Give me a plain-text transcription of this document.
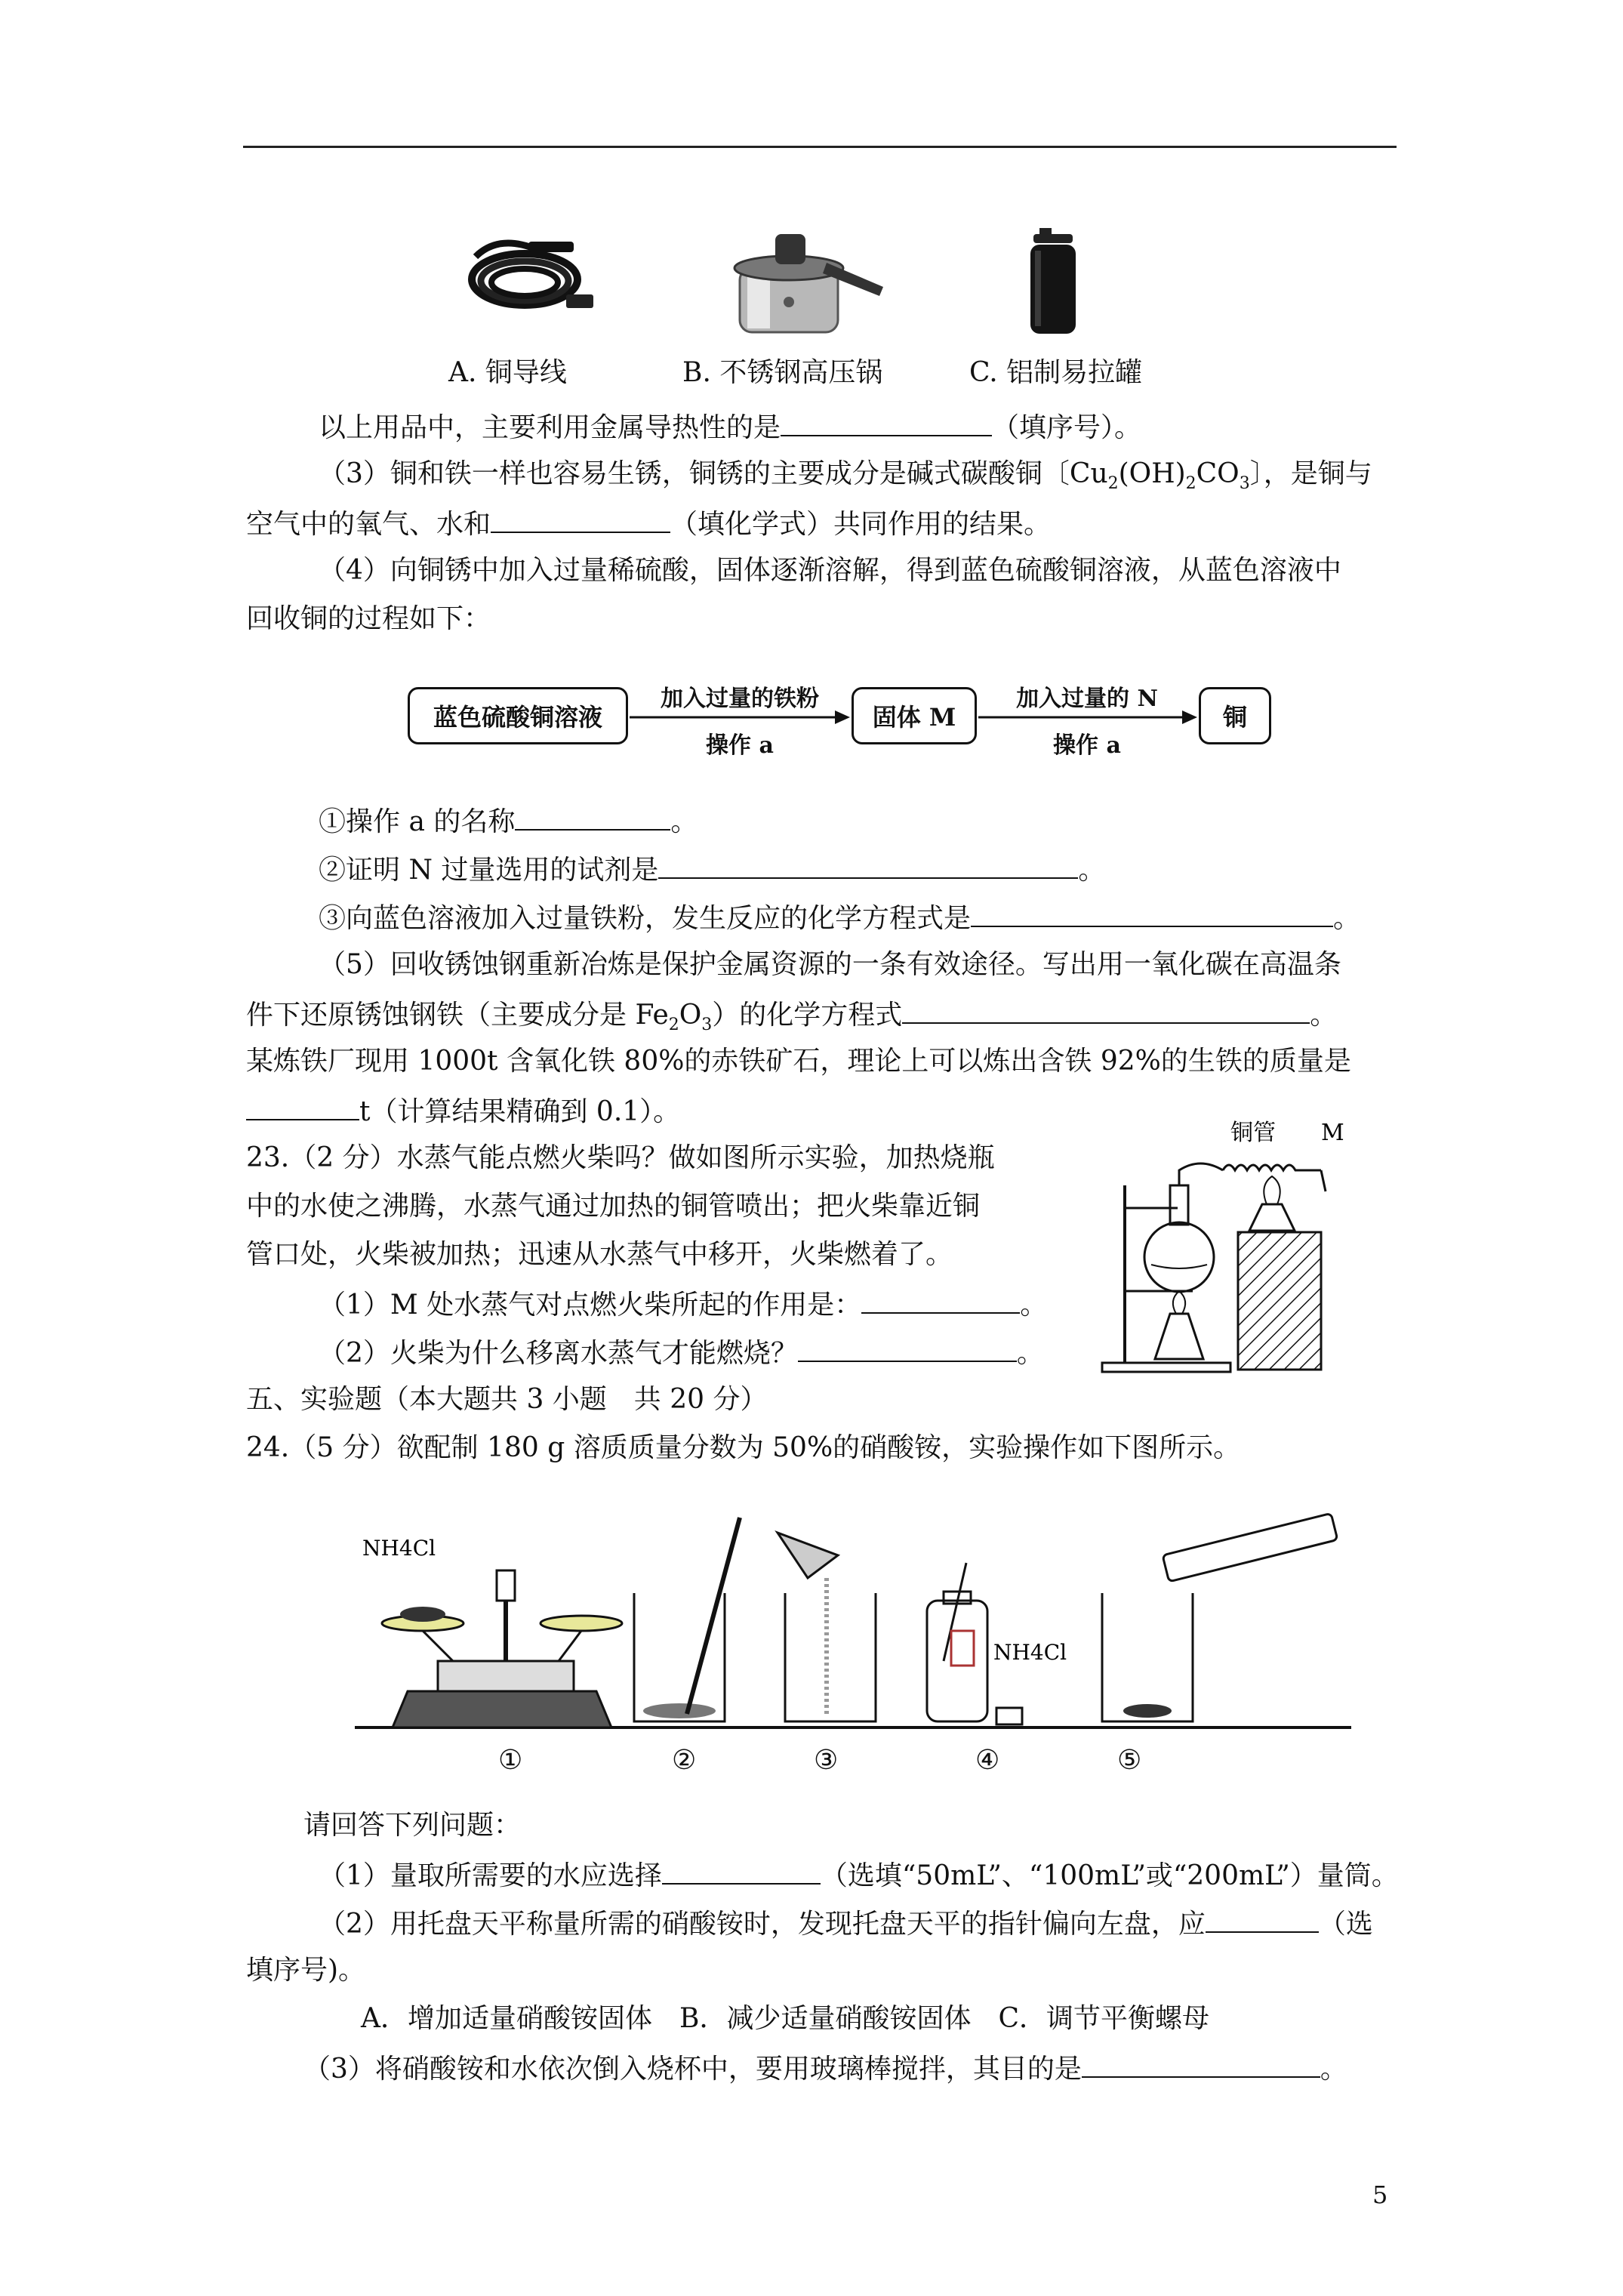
A. 铜导线	B. 不锈钢高压锅	C. 铝制易拉罐
以上用品中，主要利用金属导热性的是	（填序号）。
（3）铜和铁一样也容易生锈，铜锈的主要成分是碱式碳酸铜〔$Cu_2(OH)_2CO_3$〕，是铜与
空气中的氧气、水和	（填化学式）共同作用的结果。
（4）向铜锈中加入过量稀硫酸，固体逐渐溶解，得到蓝色硫酸铜溶液，从蓝色溶液中
回收铜的过程如下：
蓝色硫酸铜溶液	固体 M	铜
加入过量的铁粉
操作 a
加入过量的 N
操作 a
①操作 a 的名称	。
②证明 N 过量选用的试剂是	。
③向蓝色溶液加入过量铁粉，发生反应的化学方程式是	。
（5）回收锈蚀钢重新冶炼是保护金属资源的一条有效途径。写出用一氧化碳在高温条
件下还原锈蚀钢铁（主要成分是 $Fe_2O_3$）的化学方程式	。
某炼铁厂现用 1000t 含氧化铁 80%的赤铁矿石，理论上可以炼出含铁 92%的生铁的质量是
t（计算结果精确到 0.1）。
23.（2 分）水蒸气能点燃火柴吗？做如图所示实验，加热烧瓶
中的水使之沸腾，水蒸气通过加热的铜管喷出；把火柴靠近铜
管口处，火柴被加热；迅速从水蒸气中移开，火柴燃着了。
（1）M 处水蒸气对点燃火柴所起的作用是：	。
（2）火柴为什么移离水蒸气才能燃烧？	。
铜管 M
五、实验题（本大题共 3 小题　共 20 分）
24.（5 分）欲配制 180 g 溶质质量分数为 50%的硝酸铵，实验操作如下图所示。
NH4Cl
NH4Cl
①	②	③	④	⑤
请回答下列问题：
（1）量取所需要的水应选择	（选填“50mL”、“100mL”或“200mL”）量筒。
（2）用托盘天平称量所需的硝酸铵时，发现托盘天平的指针偏向左盘，应	（选
填序号)。
A．增加适量硝酸铵固体　B．减少适量硝酸铵固体　C．调节平衡螺母
（3）将硝酸铵和水依次倒入烧杯中，要用玻璃棒搅拌，其目的是	。
5
